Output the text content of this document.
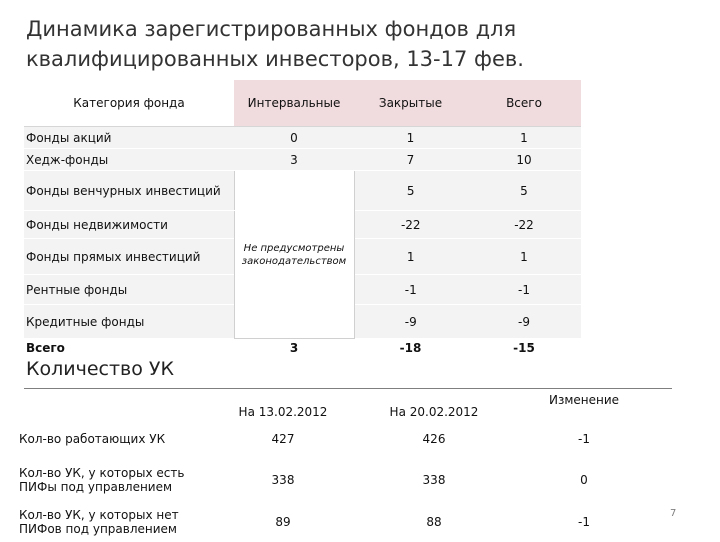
Динамика зарегистрированных фондов для
квалифицированных инвесторов, 13-17 фев.
Категория фонда	Интервальные	Закрытые	Всего
Фонды акций	0	1	1
Хедж-фонды	3	7	10
Фонды венчурных инвестиций	Не предусмотрены законодательством	5	5
Фонды недвижимости		-22	-22
Фонды прямых инвестиций		1	1
Рентные фонды		-1	-1
Кредитные фонды		-9	-9
Всего	3	-18	-15
Количество УК
	На 13.02.2012	На 20.02.2012	Изменение
Кол-во работающих УК	427	426	-1
Кол-во УК, у которых есть
ПИФы под управлением	338	338	0
Кол-во УК, у которых нет
ПИФов под управлением	89	88	-1
7
